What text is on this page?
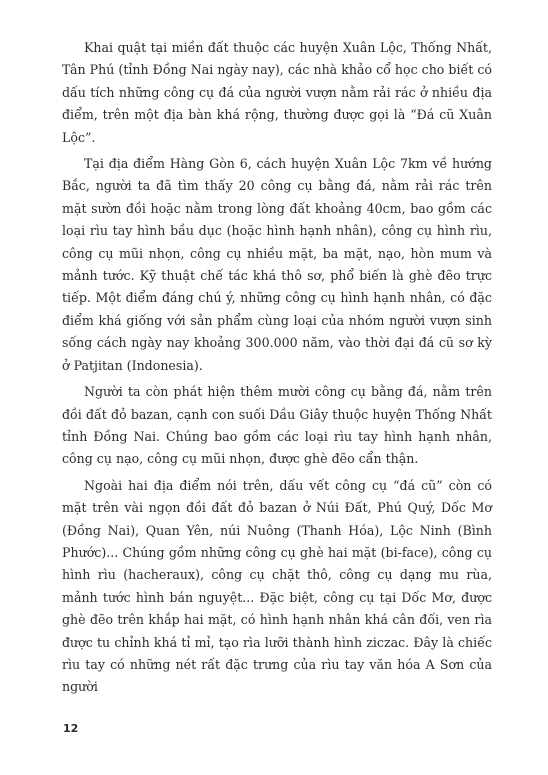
Khai quật tại miền đất thuộc các huyện Xuân Lộc, Thống Nhất, Tân Phú (tỉnh Đồng Nai ngày nay), các nhà khảo cổ học cho biết có dấu tích những công cụ đá của người vượn nằm rải rác ở nhiều địa điểm, trên một địa bàn khá rộng, thường được gọi là “Đá cũ Xuân Lộc”.

Tại địa điểm Hàng Gòn 6, cách huyện Xuân Lộc 7km về hướng Bắc, người ta đã tìm thấy 20 công cụ bằng đá, nằm rải rác trên mặt sườn đồi hoặc nằm trong lòng đất khoảng 40cm, bao gồm các loại rìu tay hình bầu dục (hoặc hình hạnh nhân), công cụ hình rìu, công cụ mũi nhọn, công cụ nhiều mặt, ba mặt, nạo, hòn mum và mảnh tước. Kỹ thuật chế tác khá thô sơ, phổ biến là ghè đẽo trực tiếp. Một điểm đáng chú ý, những công cụ hình hạnh nhân, có đặc điểm khá giống với sản phẩm cùng loại của nhóm người vượn sinh sống cách ngày nay khoảng 300.000 năm, vào thời đại đá cũ sơ kỳ ở Patjitan (Indonesia).

Người ta còn phát hiện thêm mười công cụ bằng đá, nằm trên đồi đất đỏ bazan, cạnh con suối Dầu Giây thuộc huyện Thống Nhất tỉnh Đồng Nai. Chúng bao gồm các loại rìu tay hình hạnh nhân, công cụ nạo, công cụ mũi nhọn, được ghè đẽo cẩn thận.

Ngoài hai địa điểm nói trên, dấu vết công cụ “đá cũ” còn có mặt trên vài ngọn đồi đất đỏ bazan ở Núi Đất, Phú Quý, Dốc Mơ (Đồng Nai), Quan Yên, núi Nuông (Thanh Hóa), Lộc Ninh (Bình Phước)... Chúng gồm những công cụ ghè hai mặt (bi-face), công cụ hình rìu (hacheraux), công cụ chặt thô, công cụ dạng mu rùa, mảnh tước hình bán nguyệt... Đặc biệt, công cụ tại Dốc Mơ, được ghè đẽo trên khắp hai mặt, có hình hạnh nhân khá cân đối, ven rìa được tu chỉnh khá tỉ mỉ, tạo rìa lưỡi thành hình ziczac. Đây là chiếc rìu tay có những nét rất đặc trưng của rìu tay văn hóa A Sơn của người

12
